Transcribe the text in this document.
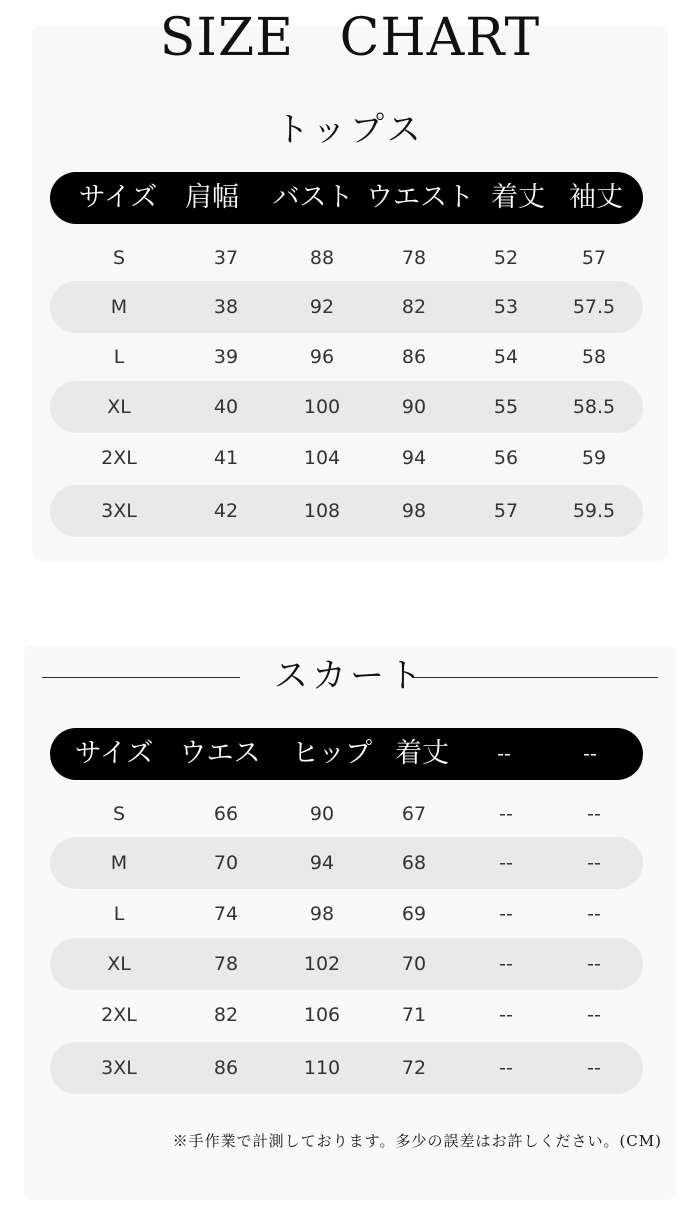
SIZE CHART
トップス
サイズ 肩幅 バスト ウエスト 着丈 袖丈
S	37	88	78	52	57
M	38	92	82	53	57.5
L	39	96	86	54	58
XL	40	100	90	55	58.5
2XL	41	104	94	56	59
3XL	42	108	98	57	59.5
スカート
サイズ ウエス ヒップ 着丈	--	--
S	66	90	67	--	--
M	70	94	68	--	--
L	74	98	69	--	--
XL	78	102	70	--	--
2XL	82	106	71	--	--
3XL	86	110	72	--	--
※手作業で計測しております。多少の誤差はお許しください。(CM)
